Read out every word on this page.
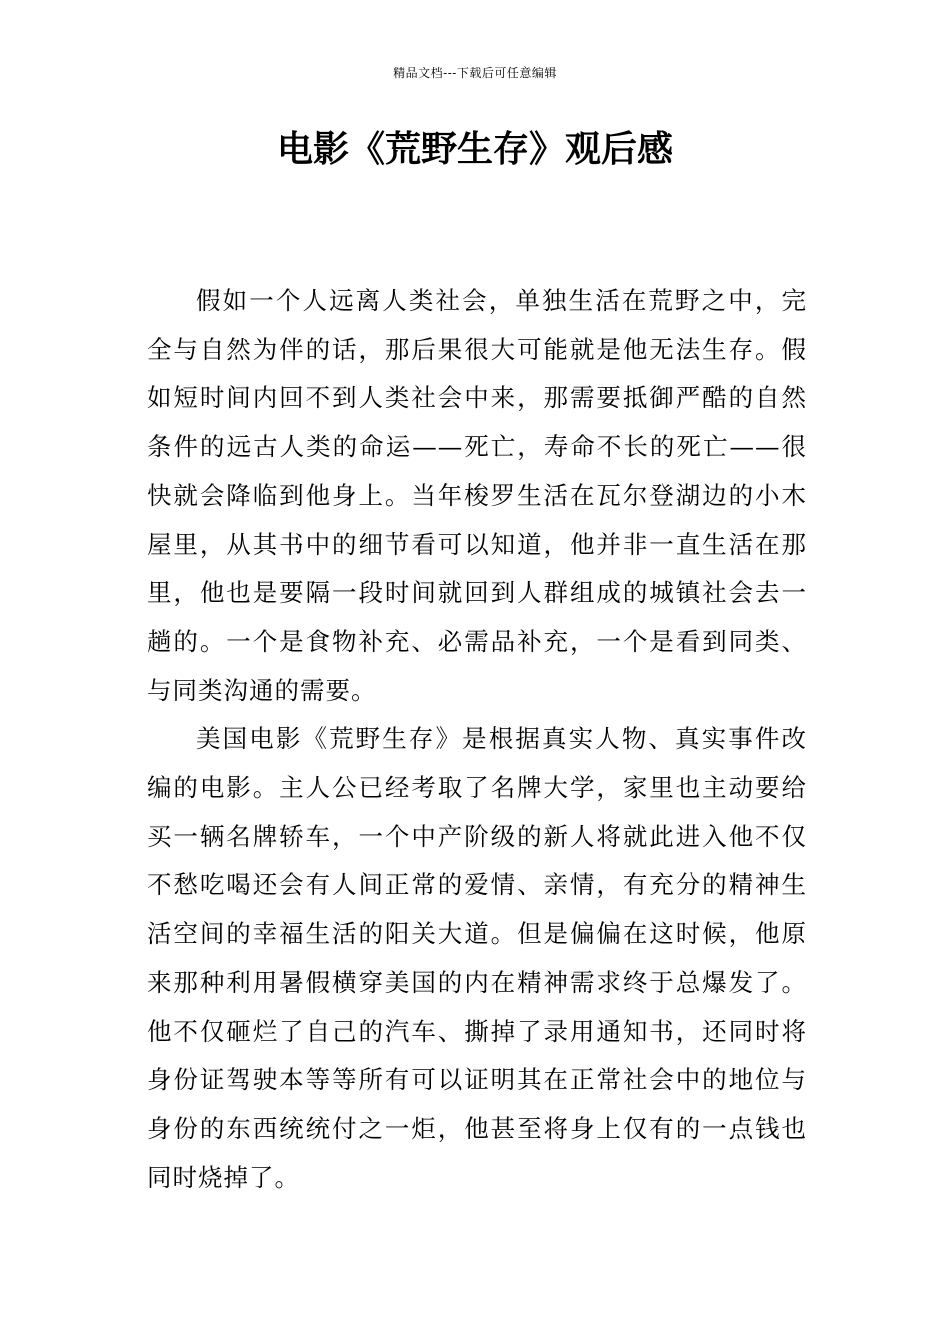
精品文档---下载后可任意编辑
电影《荒野生存》观后感

假如一个人远离人类社会，单独生活在荒野之中，完全与自然为伴的话，那后果很大可能就是他无法生存。假如短时间内回不到人类社会中来，那需要抵御严酷的自然条件的远古人类的命运——死亡，寿命不长的死亡——很快就会降临到他身上。当年梭罗生活在瓦尔登湖边的小木屋里，从其书中的细节看可以知道，他并非一直生活在那里，他也是要隔一段时间就回到人群组成的城镇社会去一趟的。一个是食物补充、必需品补充，一个是看到同类、与同类沟通的需要。

美国电影《荒野生存》是根据真实人物、真实事件改编的电影。主人公已经考取了名牌大学，家里也主动要给买一辆名牌轿车，一个中产阶级的新人将就此进入他不仅不愁吃喝还会有人间正常的爱情、亲情，有充分的精神生活空间的幸福生活的阳关大道。但是偏偏在这时候，他原来那种利用暑假横穿美国的内在精神需求终于总爆发了。他不仅砸烂了自己的汽车、撕掉了录用通知书，还同时将身份证驾驶本等等所有可以证明其在正常社会中的地位与身份的东西统统付之一炬，他甚至将身上仅有的一点钱也同时烧掉了。
